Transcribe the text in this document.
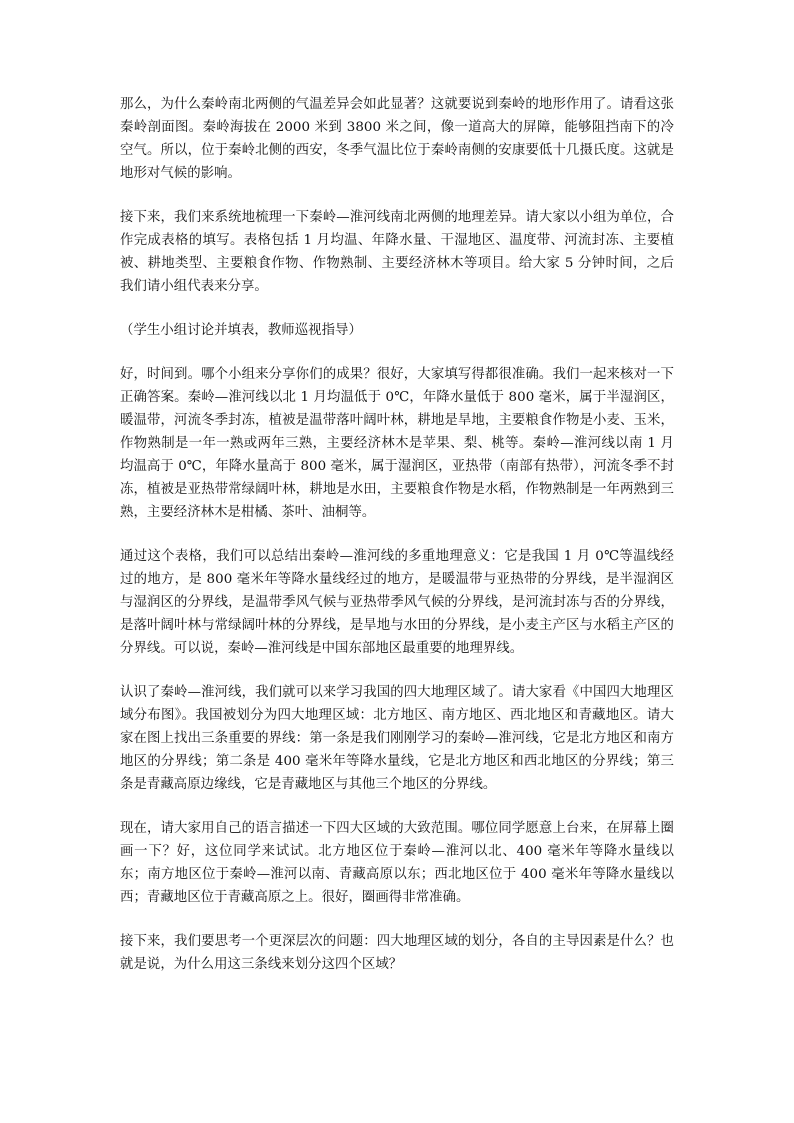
那么，为什么秦岭南北两侧的气温差异会如此显著？这就要说到秦岭的地形作用了。请看这张秦岭剖面图。秦岭海拔在 2000 米到 3800 米之间，像一道高大的屏障，能够阻挡南下的冷空气。所以，位于秦岭北侧的西安，冬季气温比位于秦岭南侧的安康要低十几摄氏度。这就是地形对气候的影响。

接下来，我们来系统地梳理一下秦岭—淮河线南北两侧的地理差异。请大家以小组为单位，合作完成表格的填写。表格包括 1 月均温、年降水量、干湿地区、温度带、河流封冻、主要植被、耕地类型、主要粮食作物、作物熟制、主要经济林木等项目。给大家 5 分钟时间，之后我们请小组代表来分享。

（学生小组讨论并填表，教师巡视指导）

好，时间到。哪个小组来分享你们的成果？很好，大家填写得都很准确。我们一起来核对一下正确答案。秦岭—淮河线以北 1 月均温低于 0℃，年降水量低于 800 毫米，属于半湿润区，暖温带，河流冬季封冻，植被是温带落叶阔叶林，耕地是旱地，主要粮食作物是小麦、玉米，作物熟制是一年一熟或两年三熟，主要经济林木是苹果、梨、桃等。秦岭—淮河线以南 1 月均温高于 0℃，年降水量高于 800 毫米，属于湿润区，亚热带（南部有热带），河流冬季不封冻，植被是亚热带常绿阔叶林，耕地是水田，主要粮食作物是水稻，作物熟制是一年两熟到三熟，主要经济林木是柑橘、茶叶、油桐等。

通过这个表格，我们可以总结出秦岭—淮河线的多重地理意义：它是我国 1 月 0℃等温线经过的地方，是 800 毫米年等降水量线经过的地方，是暖温带与亚热带的分界线，是半湿润区与湿润区的分界线，是温带季风气候与亚热带季风气候的分界线，是河流封冻与否的分界线，是落叶阔叶林与常绿阔叶林的分界线，是旱地与水田的分界线，是小麦主产区与水稻主产区的分界线。可以说，秦岭—淮河线是中国东部地区最重要的地理界线。

认识了秦岭—淮河线，我们就可以来学习我国的四大地理区域了。请大家看《中国四大地理区域分布图》。我国被划分为四大地理区域：北方地区、南方地区、西北地区和青藏地区。请大家在图上找出三条重要的界线：第一条是我们刚刚学习的秦岭—淮河线，它是北方地区和南方地区的分界线；第二条是 400 毫米年等降水量线，它是北方地区和西北地区的分界线；第三条是青藏高原边缘线，它是青藏地区与其他三个地区的分界线。

现在，请大家用自己的语言描述一下四大区域的大致范围。哪位同学愿意上台来，在屏幕上圈画一下？好，这位同学来试试。北方地区位于秦岭—淮河以北、400 毫米年等降水量线以东；南方地区位于秦岭—淮河以南、青藏高原以东；西北地区位于 400 毫米年等降水量线以西；青藏地区位于青藏高原之上。很好，圈画得非常准确。

接下来，我们要思考一个更深层次的问题：四大地理区域的划分，各自的主导因素是什么？也就是说，为什么用这三条线来划分这四个区域？
